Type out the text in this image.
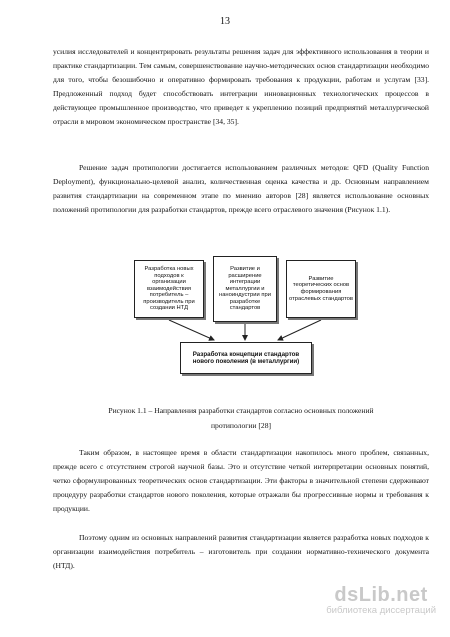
13

усилия исследователей и концентрировать результаты решения задач для эффективного использования в теории и практике стандартизации. Тем самым, совершенствование научно-методических основ стандартизации необходимо для того, чтобы безошибочно и оперативно формировать требования к продукции, работам и услугам [33]. Предложенный подход будет способствовать интеграции инновационных технологических процессов в действующее промышленное производство, что приведет к укреплению позиций предприятий металлургической отрасли в мировом экономическом пространстве [34, 35].

Решение задач протипологии достигается использованием различных методов: QFD (Quality Function Deployment), функционально-целевой анализ, количественная оценка качества и др. Основным направлением развития стандартизации на современном этапе по мнению авторов [28] является использование основных положений протипологии для разработки стандартов, прежде всего отраслевого значения (Рисунок 1.1).

Разработка новых подходов к организации взаимодействия потребитель – производитель при создании НТД
Развитие и расширение интеграции металлургии и наноиндустрии при разработке стандартов
Развитие теоретических основ формирования отраслевых стандартов
Разработка концепции стандартов нового поколения (в металлургии)
Рисунок 1.1 – Направления разработки стандартов согласно основных положений
протипологии [28]

Таким образом, в настоящее время в области стандартизации накопилось много проблем, связанных, прежде всего с отсутствием строгой научной базы. Это и отсутствие четкой интерпретации основных понятий, четко сформулированных теоретических основ стандартизации. Эти факторы в значительной степени сдерживают процедуру разработки стандартов нового поколения, которые отражали бы прогрессивные нормы и требования к продукции.

Поэтому одним из основных направлений развития стандартизации является разработка новых подходов к организации взаимодействия потребитель – изготовитель при создании нормативно-технического документа (НТД).

dsLib.net
библиотека диссертаций
